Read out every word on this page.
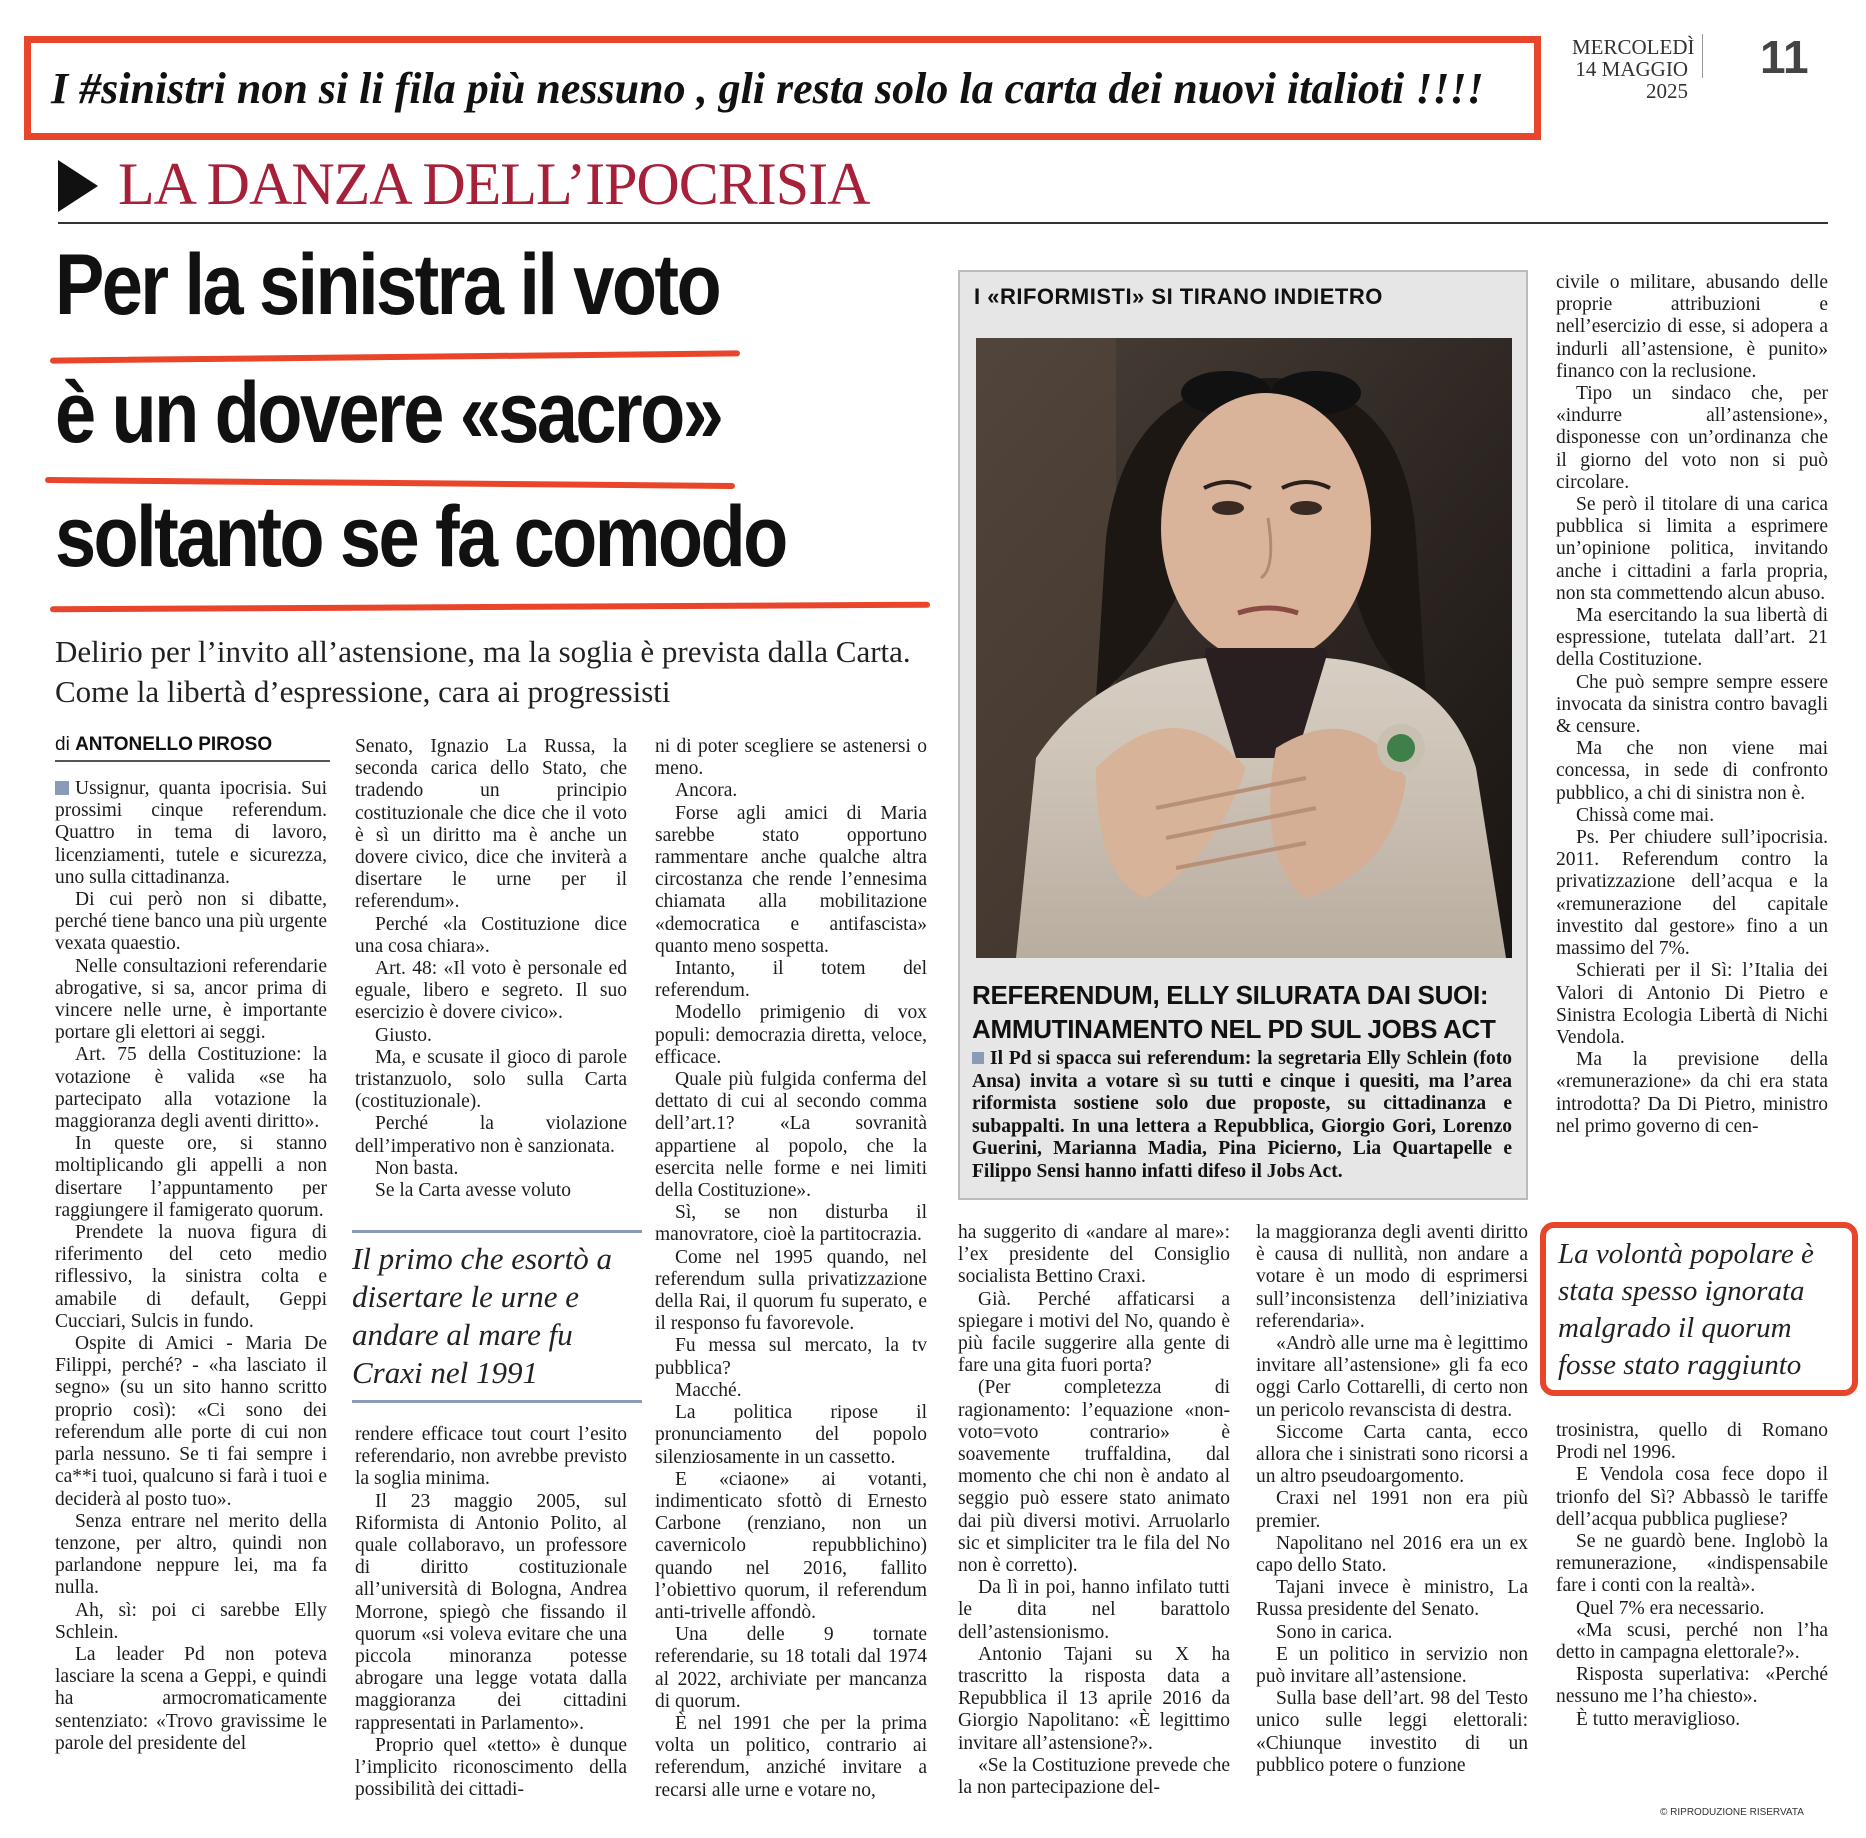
I #sinistri non si li fila più nessuno , gli resta solo la carta dei nuovi italioti !!!!
MERCOLEDÌ
14 MAGGIO 2025
11
LA DANZA DELL’IPOCRISIA
Per la sinistra il voto
è un dovere «sacro»
soltanto se fa comodo
Delirio per l’invito all’astensione, ma la soglia è prevista dalla Carta. Come la libertà d’espressione, cara ai progressisti
di ANTONELLO PIROSO

Ussignur, quanta ipocrisia. Sui prossimi cinque referendum. Quattro in tema di lavoro, licenziamenti, tutele e sicurezza, uno sulla cittadinanza.

Di cui però non si dibatte, perché tiene banco una più urgente vexata quaestio.

Nelle consultazioni referendarie abrogative, si sa, ancor prima di vincere nelle urne, è importante portare gli elettori ai seggi.

Art. 75 della Costituzione: la votazione è valida «se ha partecipato alla votazione la maggioranza degli aventi diritto».

In queste ore, si stanno moltiplicando gli appelli a non disertare l’appuntamento per raggiungere il famigerato quorum.

Prendete la nuova figura di riferimento del ceto medio riflessivo, la sinistra colta e amabile di default, Geppi Cucciari, Sulcis in fundo.

Ospite di Amici - Maria De Filippi, perché? - «ha lasciato il segno» (su un sito hanno scritto proprio così): «Ci sono dei referendum alle porte di cui non parla nessuno. Se ti fai sempre i ca**i tuoi, qualcuno si farà i tuoi e deciderà al posto tuo».

Senza entrare nel merito della tenzone, per altro, quindi non parlandone neppure lei, ma fa nulla.

Ah, sì: poi ci sarebbe Elly Schlein.

La leader Pd non poteva lasciare la scena a Geppi, e quindi ha armocromaticamente sentenziato: «Trovo gravissime le parole del presidente del

Senato, Ignazio La Russa, la seconda carica dello Stato, che tradendo un principio costituzionale che dice che il voto è sì un diritto ma è anche un dovere civico, dice che inviterà a disertare le urne per il referendum».

Perché «la Costituzione dice una cosa chiara».

Art. 48: «Il voto è personale ed eguale, libero e segreto. Il suo esercizio è dovere civico».

Giusto.

Ma, e scusate il gioco di parole tristanzuolo, solo sulla Carta (costituzionale).

Perché la violazione dell’imperativo non è sanzionata.

Non basta.

Se la Carta avesse voluto

Il primo che esortò a disertare le urne e andare al mare fu Craxi nel 1991

rendere efficace tout court l’esito referendario, non avrebbe previsto la soglia minima.

Il 23 maggio 2005, sul Riformista di Antonio Polito, al quale collaboravo, un professore di diritto costituzionale all’università di Bologna, Andrea Morrone, spiegò che fissando il quorum «si voleva evitare che una piccola minoranza potesse abrogare una legge votata dalla maggioranza dei cittadini rappresentati in Parlamento».

Proprio quel «tetto» è dunque l’implicito riconoscimento della possibilità dei cittadi-

ni di poter scegliere se astenersi o meno.

Ancora.

Forse agli amici di Maria sarebbe stato opportuno rammentare anche qualche altra circostanza che rende l’ennesima chiamata alla mobilitazione «democratica e antifascista» quanto meno sospetta.

Intanto, il totem del referendum.

Modello primigenio di vox populi: democrazia diretta, veloce, efficace.

Quale più fulgida conferma del dettato di cui al secondo comma dell’art.1? «La sovranità appartiene al popolo, che la esercita nelle forme e nei limiti della Costituzione».

Sì, se non disturba il manovratore, cioè la partitocrazia.

Come nel 1995 quando, nel referendum sulla privatizzazione della Rai, il quorum fu superato, e il responso fu favorevole.

Fu messa sul mercato, la tv pubblica?

Macché.

La politica ripose il pronunciamento del popolo silenziosamente in un cassetto.

E «ciaone» ai votanti, indimenticato sfottò di Ernesto Carbone (renziano, non un cavernicolo repubblichino) quando nel 2016, fallito l’obiettivo quorum, il referendum anti-trivelle affondò.

Una delle 9 tornate referendarie, su 18 totali dal 1974 al 2022, archiviate per mancanza di quorum.

È nel 1991 che per la prima volta un politico, contrario ai referendum, anziché invitare a recarsi alle urne e votare no,

I «RIFORMISTI» SI TIRANO INDIETRO
REFERENDUM, ELLY SILURATA DAI SUOI: AMMUTINAMENTO NEL PD SUL JOBS ACT
Il Pd si spacca sui referendum: la segretaria Elly Schlein (foto Ansa) invita a votare sì su tutti e cinque i quesiti, ma l’area riformista sostiene solo due proposte, su cittadinanza e subappalti. In una lettera a Repubblica, Giorgio Gori, Lorenzo Guerini, Marianna Madia, Pina Picierno, Lia Quartapelle e Filippo Sensi hanno infatti difeso il Jobs Act.

ha suggerito di «andare al mare»: l’ex presidente del Consiglio socialista Bettino Craxi.

Già. Perché affaticarsi a spiegare i motivi del No, quando è più facile suggerire alla gente di fare una gita fuori porta?

(Per completezza di ragionamento: l’equazione «non-voto=voto contrario» è soavemente truffaldina, dal momento che chi non è andato al seggio può essere stato animato dai più diversi motivi. Arruolarlo sic et simpliciter tra le fila del No non è corretto).

Da lì in poi, hanno infilato tutti le dita nel barattolo dell’astensionismo.

Antonio Tajani su X ha trascritto la risposta data a Repubblica il 13 aprile 2016 da Giorgio Napolitano: «È legittimo invitare all’astensione?».

«Se la Costituzione prevede che la non partecipazione del-

la maggioranza degli aventi diritto è causa di nullità, non andare a votare è un modo di esprimersi sull’inconsistenza dell’iniziativa referendaria».

«Andrò alle urne ma è legittimo invitare all’astensione» gli fa eco oggi Carlo Cottarelli, di certo non un pericolo revanscista di destra.

Siccome Carta canta, ecco allora che i sinistrati sono ricorsi a un altro pseudoargomento.

Craxi nel 1991 non era più premier.

Napolitano nel 2016 era un ex capo dello Stato.

Tajani invece è ministro, La Russa presidente del Senato.

Sono in carica.

E un politico in servizio non può invitare all’astensione.

Sulla base dell’art. 98 del Testo unico sulle leggi elettorali: «Chiunque investito di un pubblico potere o funzione

civile o militare, abusando delle proprie attribuzioni e nell’esercizio di esse, si adopera a indurli all’astensione, è punito» financo con la reclusione.

Tipo un sindaco che, per «indurre all’astensione», disponesse con un’ordinanza che il giorno del voto non si può circolare.

Se però il titolare di una carica pubblica si limita a esprimere un’opinione politica, invitando anche i cittadini a farla propria, non sta commettendo alcun abuso.

Ma esercitando la sua libertà di espressione, tutelata dall’art. 21 della Costituzione.

Che può sempre sempre essere invocata da sinistra contro bavagli & censure.

Ma che non viene mai concessa, in sede di confronto pubblico, a chi di sinistra non è.

Chissà come mai.

Ps. Per chiudere sull’ipocrisia. 2011. Referendum contro la privatizzazione dell’acqua e la «remunerazione del capitale investito dal gestore» fino a un massimo del 7%.

Schierati per il Sì: l’Italia dei Valori di Antonio Di Pietro e Sinistra Ecologia Libertà di Nichi Vendola.

Ma la previsione della «remunerazione» da chi era stata introdotta? Da Di Pietro, ministro nel primo governo di cen-

La volontà popolare è stata spesso ignorata malgrado il quorum fosse stato raggiunto

trosinistra, quello di Romano Prodi nel 1996.

E Vendola cosa fece dopo il trionfo del Sì? Abbassò le tariffe dell’acqua pubblica pugliese?

Se ne guardò bene. Inglobò la remunerazione, «indispensabile fare i conti con la realtà».

Quel 7% era necessario.

«Ma scusi, perché non l’ha detto in campagna elettorale?».

Risposta superlativa: «Perché nessuno me l’ha chiesto».

È tutto meraviglioso.

© RIPRODUZIONE RISERVATA
